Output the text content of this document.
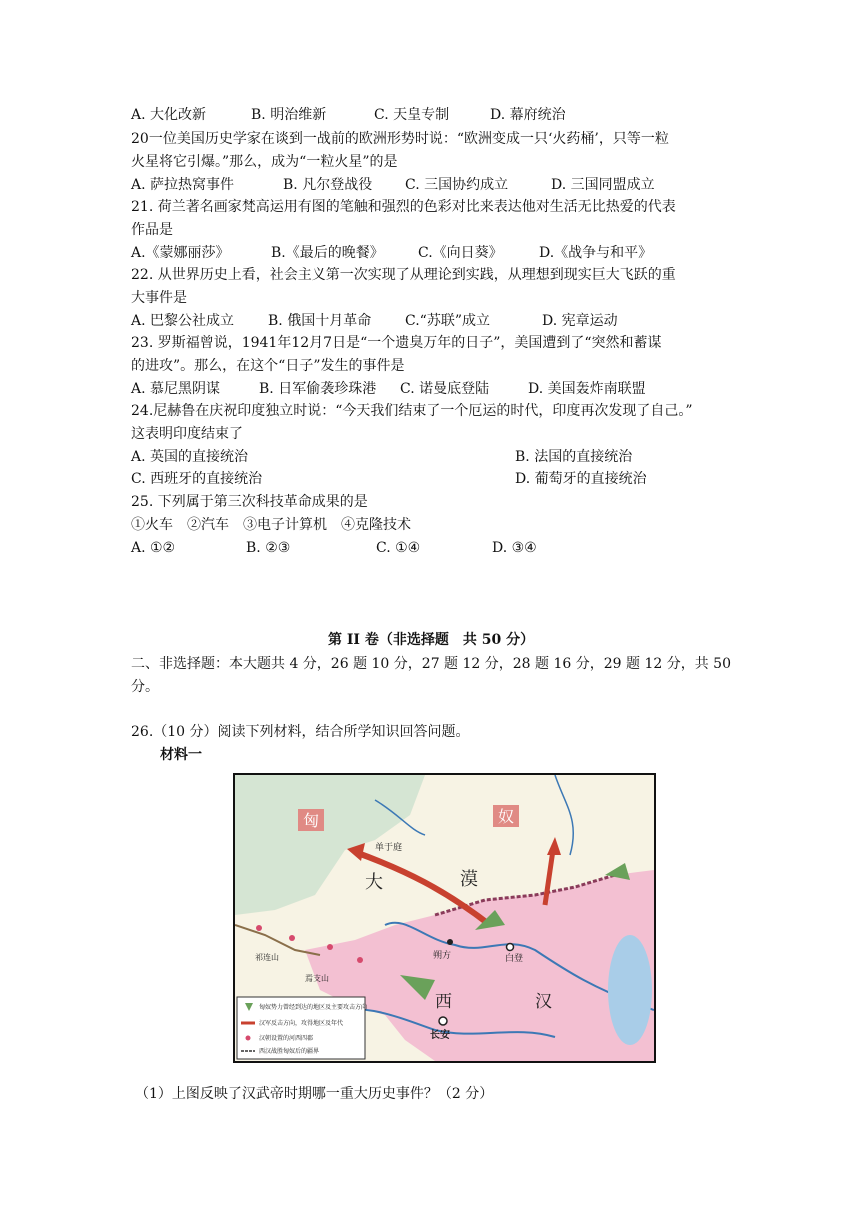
A. 大化改新	B. 明治维新	C. 天皇专制	D. 幕府统治
20一位美国历史学家在谈到一战前的欧洲形势时说：“欧洲变成一只‘火药桶’，只等一粒
火星将它引爆。”那么，成为“一粒火星”的是
A. 萨拉热窝事件	B. 凡尔登战役 C. 三国协约成立	D. 三国同盟成立
21. 荷兰著名画家梵高运用有图的笔触和强烈的色彩对比来表达他对生活无比热爱的代表
作品是
A.《蒙娜丽莎》	B.《最后的晚餐》 C.《向日葵》	D.《战争与和平》
22. 从世界历史上看，社会主义第一次实现了从理论到实践，从理想到现实巨大飞跃的重
大事件是
A. 巴黎公社成立 B. 俄国十月革命 C.“苏联”成立	D. 宪章运动
23. 罗斯福曾说，1941年12月7日是“一个遗臭万年的日子”，美国遭到了“突然和蓄谋
的进攻”。那么，在这个“日子”发生的事件是
A. 慕尼黑阴谋	B. 日军偷袭珍珠港 C. 诺曼底登陆	D. 美国轰炸南联盟
24.尼赫鲁在庆祝印度独立时说：“今天我们结束了一个厄运的时代，印度再次发现了自己。”
这表明印度结束了
A. 英国的直接统治	B. 法国的直接统治
C. 西班牙的直接统治	D. 葡萄牙的直接统治
25. 下列属于第三次科技革命成果的是
①火车　②汽车　③电子计算机　④克隆技术
A. ①②	B. ②③	C. ①④	D. ③④
第 II 卷（非选择题　共 50 分）
二、非选择题：本大题共 4 分，26 题 10 分，27 题 12 分，28 题 16 分，29 题 12 分，共 50
分。
26.（10 分）阅读下列材料，结合所学知识回答问题。
材料一
匈	奴
大	漠
单于庭
朔方	白登
西	汉
长安
祁连山
焉支山
匈奴势力曾经到达的地区及主要攻击方向
汉军反击方向，攻得地区及年代
汉朝设置的河西四郡
西汉战胜匈奴后的疆界
（1）上图反映了汉武帝时期哪一重大历史事件？（2 分）
